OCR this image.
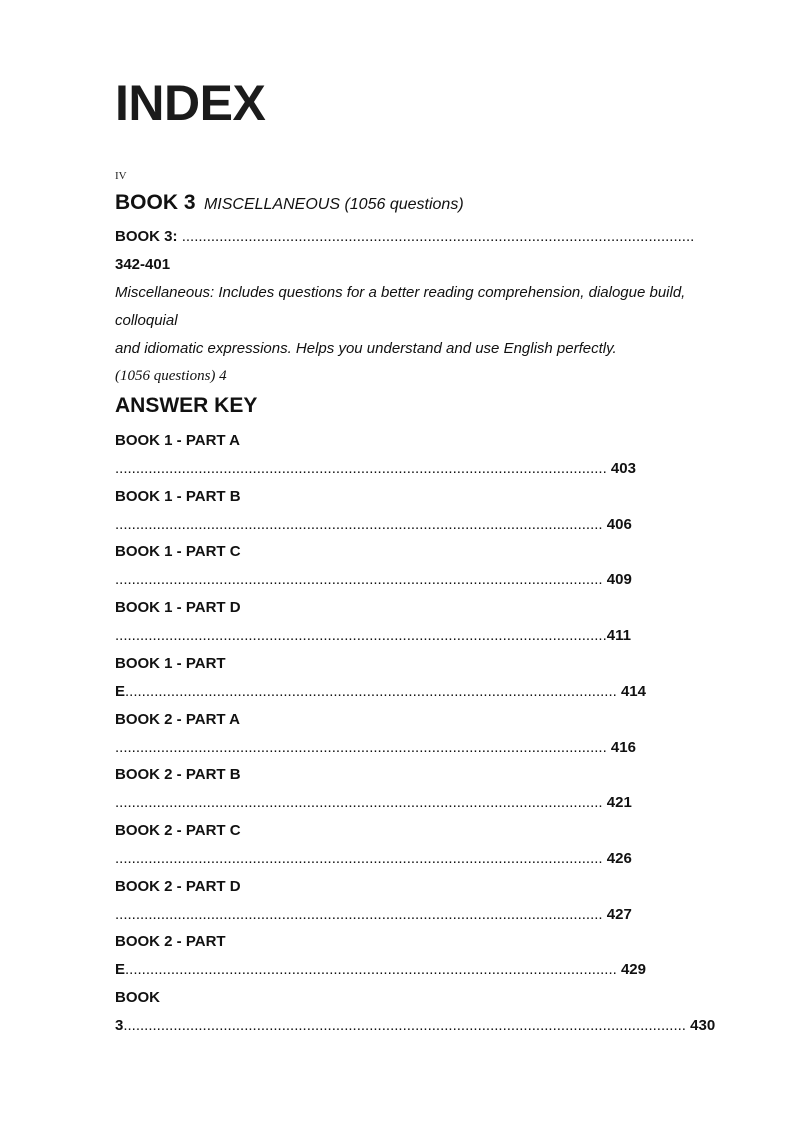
INDEX
IV
BOOK 3 MISCELLANEOUS (1056 questions)
BOOK 3: ...........................................................................................................................
342-401
Miscellaneous: Includes questions for a better reading comprehension, dialogue build,
colloquial
and idiomatic expressions. Helps you understand and use English perfectly.
(1056 questions) 4
ANSWER KEY
BOOK 1 - PART A
...................................................................................................................... 403
BOOK 1 - PART B
..................................................................................................................... 406
BOOK 1 - PART C
..................................................................................................................... 409
BOOK 1 - PART D
......................................................................................................................411
BOOK 1 - PART
E...................................................................................................................... 414
BOOK 2 - PART A
...................................................................................................................... 416
BOOK 2 - PART B
..................................................................................................................... 421
BOOK 2 - PART C
..................................................................................................................... 426
BOOK 2 - PART D
..................................................................................................................... 427
BOOK 2 - PART
E...................................................................................................................... 429
BOOK
3....................................................................................................................................... 430
